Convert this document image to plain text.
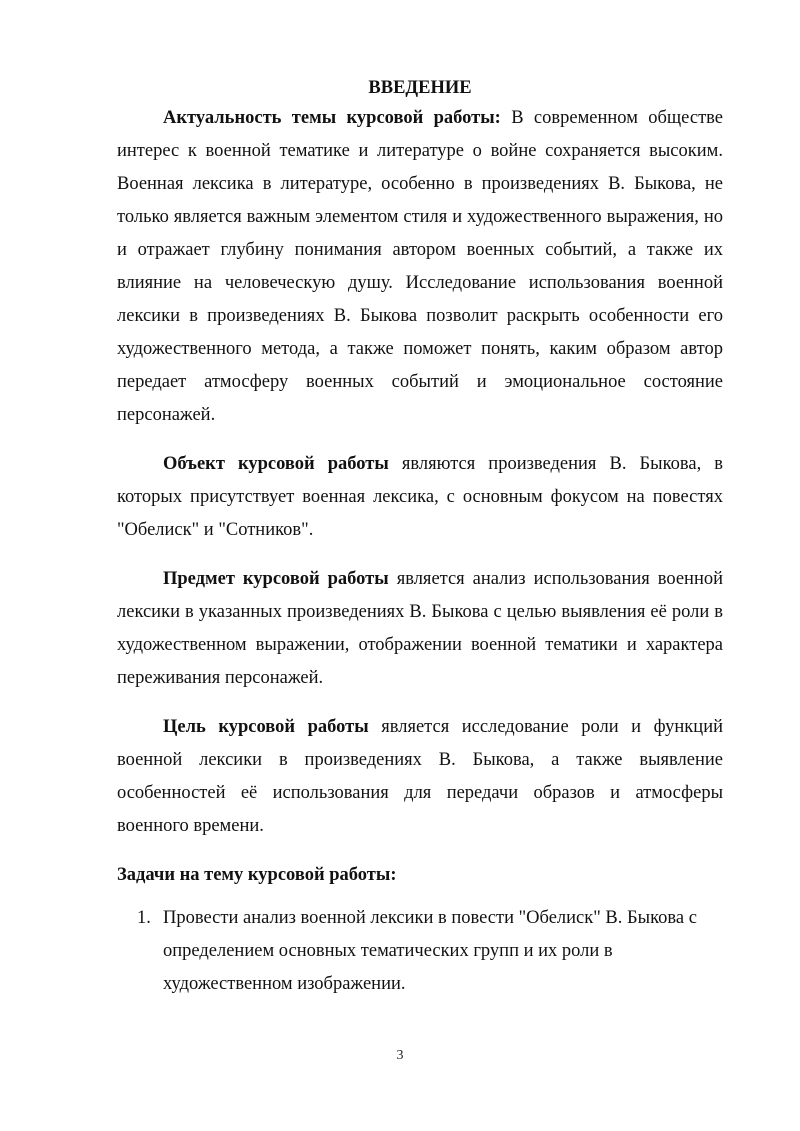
ВВЕДЕНИЕ

Актуальность темы курсовой работы: В современном обществе интерес к военной тематике и литературе о войне сохраняется высоким. Военная лексика в литературе, особенно в произведениях В. Быкова, не только является важным элементом стиля и художественного выражения, но и отражает глубину понимания автором военных событий, а также их влияние на человеческую душу. Исследование использования военной лексики в произведениях В. Быкова позволит раскрыть особенности его художественного метода, а также поможет понять, каким образом автор передает атмосферу военных событий и эмоциональное состояние персонажей.

Объект курсовой работы являются произведения В. Быкова, в которых присутствует военная лексика, с основным фокусом на повестях "Обелиск" и "Сотников".

Предмет курсовой работы является анализ использования военной лексики в указанных произведениях В. Быкова с целью выявления её роли в художественном выражении, отображении военной тематики и характера переживания персонажей.

Цель курсовой работы является исследование роли и функций военной лексики в произведениях В. Быкова, а также выявление особенностей её использования для передачи образов и атмосферы военного времени.

Задачи на тему курсовой работы:
1. Провести анализ военной лексики в повести "Обелиск" В. Быкова с определением основных тематических групп и их роли в художественном изображении.
3
